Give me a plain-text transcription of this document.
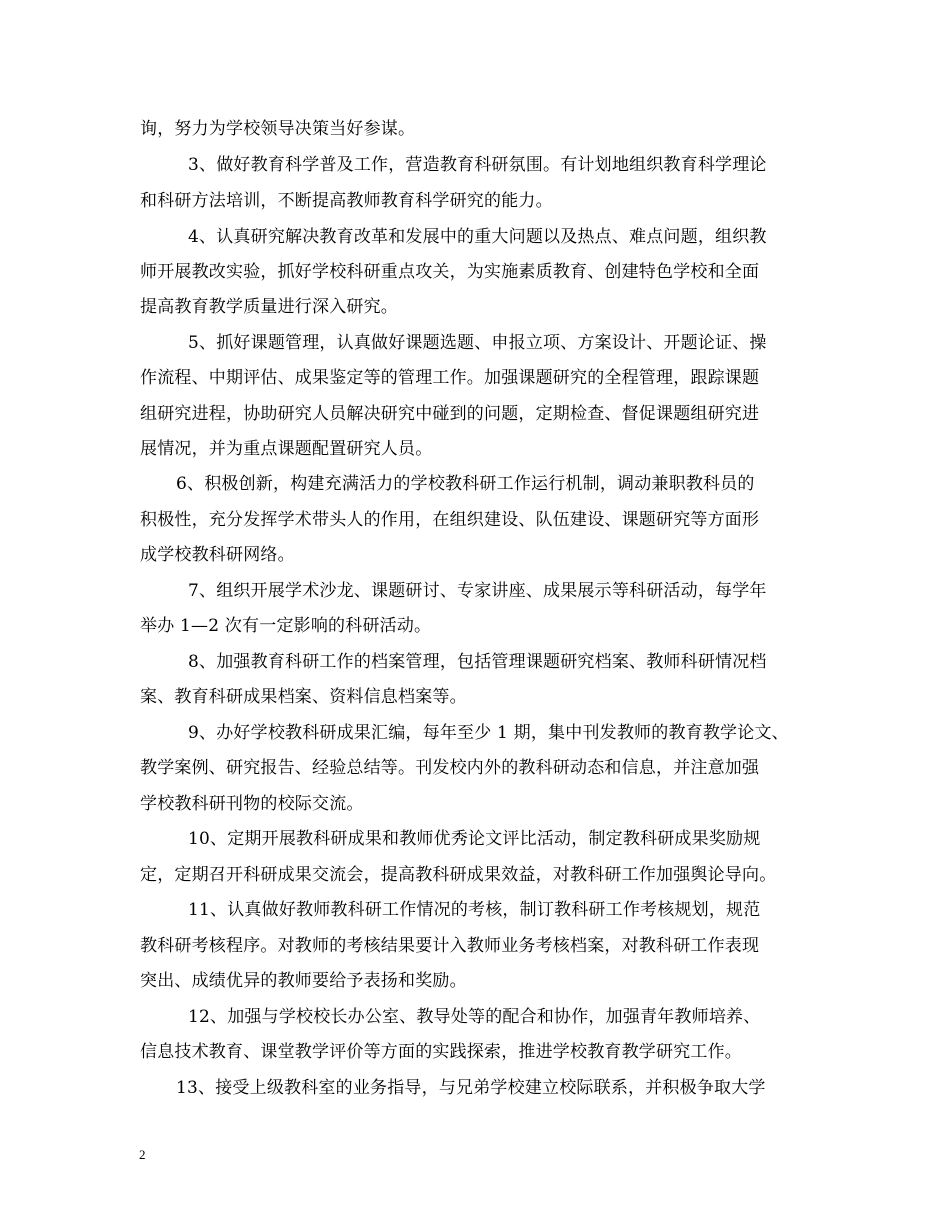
询，努力为学校领导决策当好参谋。
3、做好教育科学普及工作，营造教育科研氛围。有计划地组织教育科学理论
和科研方法培训，不断提高教师教育科学研究的能力。
4、认真研究解决教育改革和发展中的重大问题以及热点、难点问题，组织教
师开展教改实验，抓好学校科研重点攻关，为实施素质教育、创建特色学校和全面
提高教育教学质量进行深入研究。
5、抓好课题管理，认真做好课题选题、申报立项、方案设计、开题论证、操
作流程、中期评估、成果鉴定等的管理工作。加强课题研究的全程管理，跟踪课题
组研究进程，协助研究人员解决研究中碰到的问题，定期检查、督促课题组研究进
展情况，并为重点课题配置研究人员。
6、积极创新，构建充满活力的学校教科研工作运行机制，调动兼职教科员的
积极性，充分发挥学术带头人的作用，在组织建设、队伍建设、课题研究等方面形
成学校教科研网络。
7、组织开展学术沙龙、课题研讨、专家讲座、成果展示等科研活动，每学年
举办 1—2 次有一定影响的科研活动。
8、加强教育科研工作的档案管理，包括管理课题研究档案、教师科研情况档
案、教育科研成果档案、资料信息档案等。
9、办好学校教科研成果汇编，每年至少 1 期，集中刊发教师的教育教学论文、
教学案例、研究报告、经验总结等。刊发校内外的教科研动态和信息，并注意加强
学校教科研刊物的校际交流。
10、定期开展教科研成果和教师优秀论文评比活动，制定教科研成果奖励规
定，定期召开科研成果交流会，提高教科研成果效益，对教科研工作加强舆论导向。
11、认真做好教师教科研工作情况的考核，制订教科研工作考核规划，规范
教科研考核程序。对教师的考核结果要计入教师业务考核档案，对教科研工作表现
突出、成绩优异的教师要给予表扬和奖励。
12、加强与学校校长办公室、教导处等的配合和协作，加强青年教师培养、
信息技术教育、课堂教学评价等方面的实践探索，推进学校教育教学研究工作。
13、接受上级教科室的业务指导，与兄弟学校建立校际联系，并积极争取大学
2
